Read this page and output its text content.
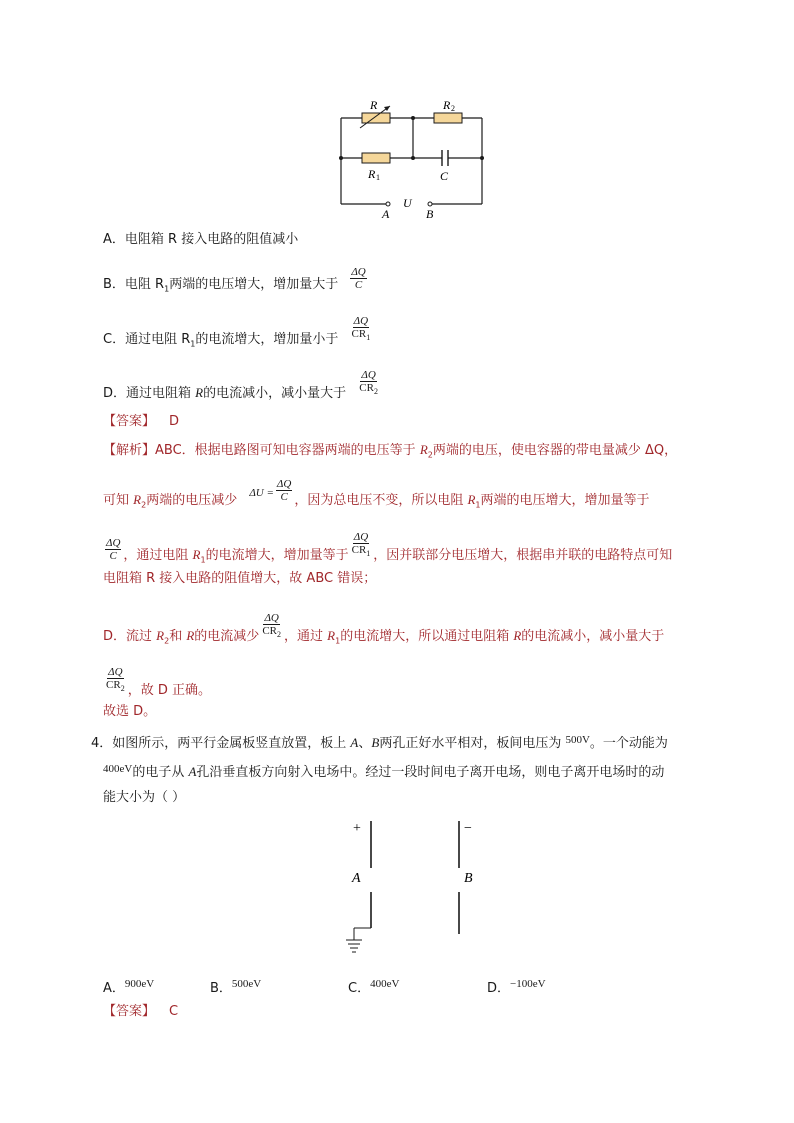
R	R 2
R 1	C
A
U
B
A．电阻箱 R 接入电路的阻值减小
B．电阻 $R_1$两端的电压增大，增加量大于 $\frac{\Delta Q}{C}$
C．通过电阻 $R_1$的电流增大，增加量小于 $\frac{\Delta Q}{CR_1}$
D．通过电阻箱 R的电流减小，减小量大于 $\frac{\Delta Q}{CR_2}$
【答案】 D
【解析】ABC．根据电路图可知电容器两端的电压等于 $R_2$两端的电压，使电容器的带电量减少 ΔQ，
可知 $R_2$两端的电压减少 $\Delta U = \frac{\Delta Q}{C}$ ，因为总电压不变，所以电阻 $R_1$两端的电压增大，增加量等于
$\frac{\Delta Q}{C}$ ，通过电阻 $R_1$的电流增大，增加量等于 $\frac{\Delta Q}{CR_1}$ ，因并联部分电压增大，根据串并联的电路特点可知
电阻箱 R 接入电路的阻值增大，故 ABC 错误；
D．流过 $R_2$和 R的电流减少 $\frac{\Delta Q}{CR_2}$ ，通过 $R_1$的电流增大，所以通过电阻箱 R的电流减小，减小量大于
$\frac{\Delta Q}{CR_2}$ ，故 D 正确。
故选 D。
4．如图所示，两平行金属板竖直放置，板上 A、B两孔正好水平相对，板间电压为 $^{500V}$。一个动能为
$^{400eV}$的电子从 A孔沿垂直板方向射入电场中。经过一段时间电子离开电场，则电子离开电场时的动
能大小为（ ）
+	−
A	B
A．$^{900eV}$	B．$^{500eV}$	C．$^{400eV}$	D．$^{-100eV}$
【答案】 C
